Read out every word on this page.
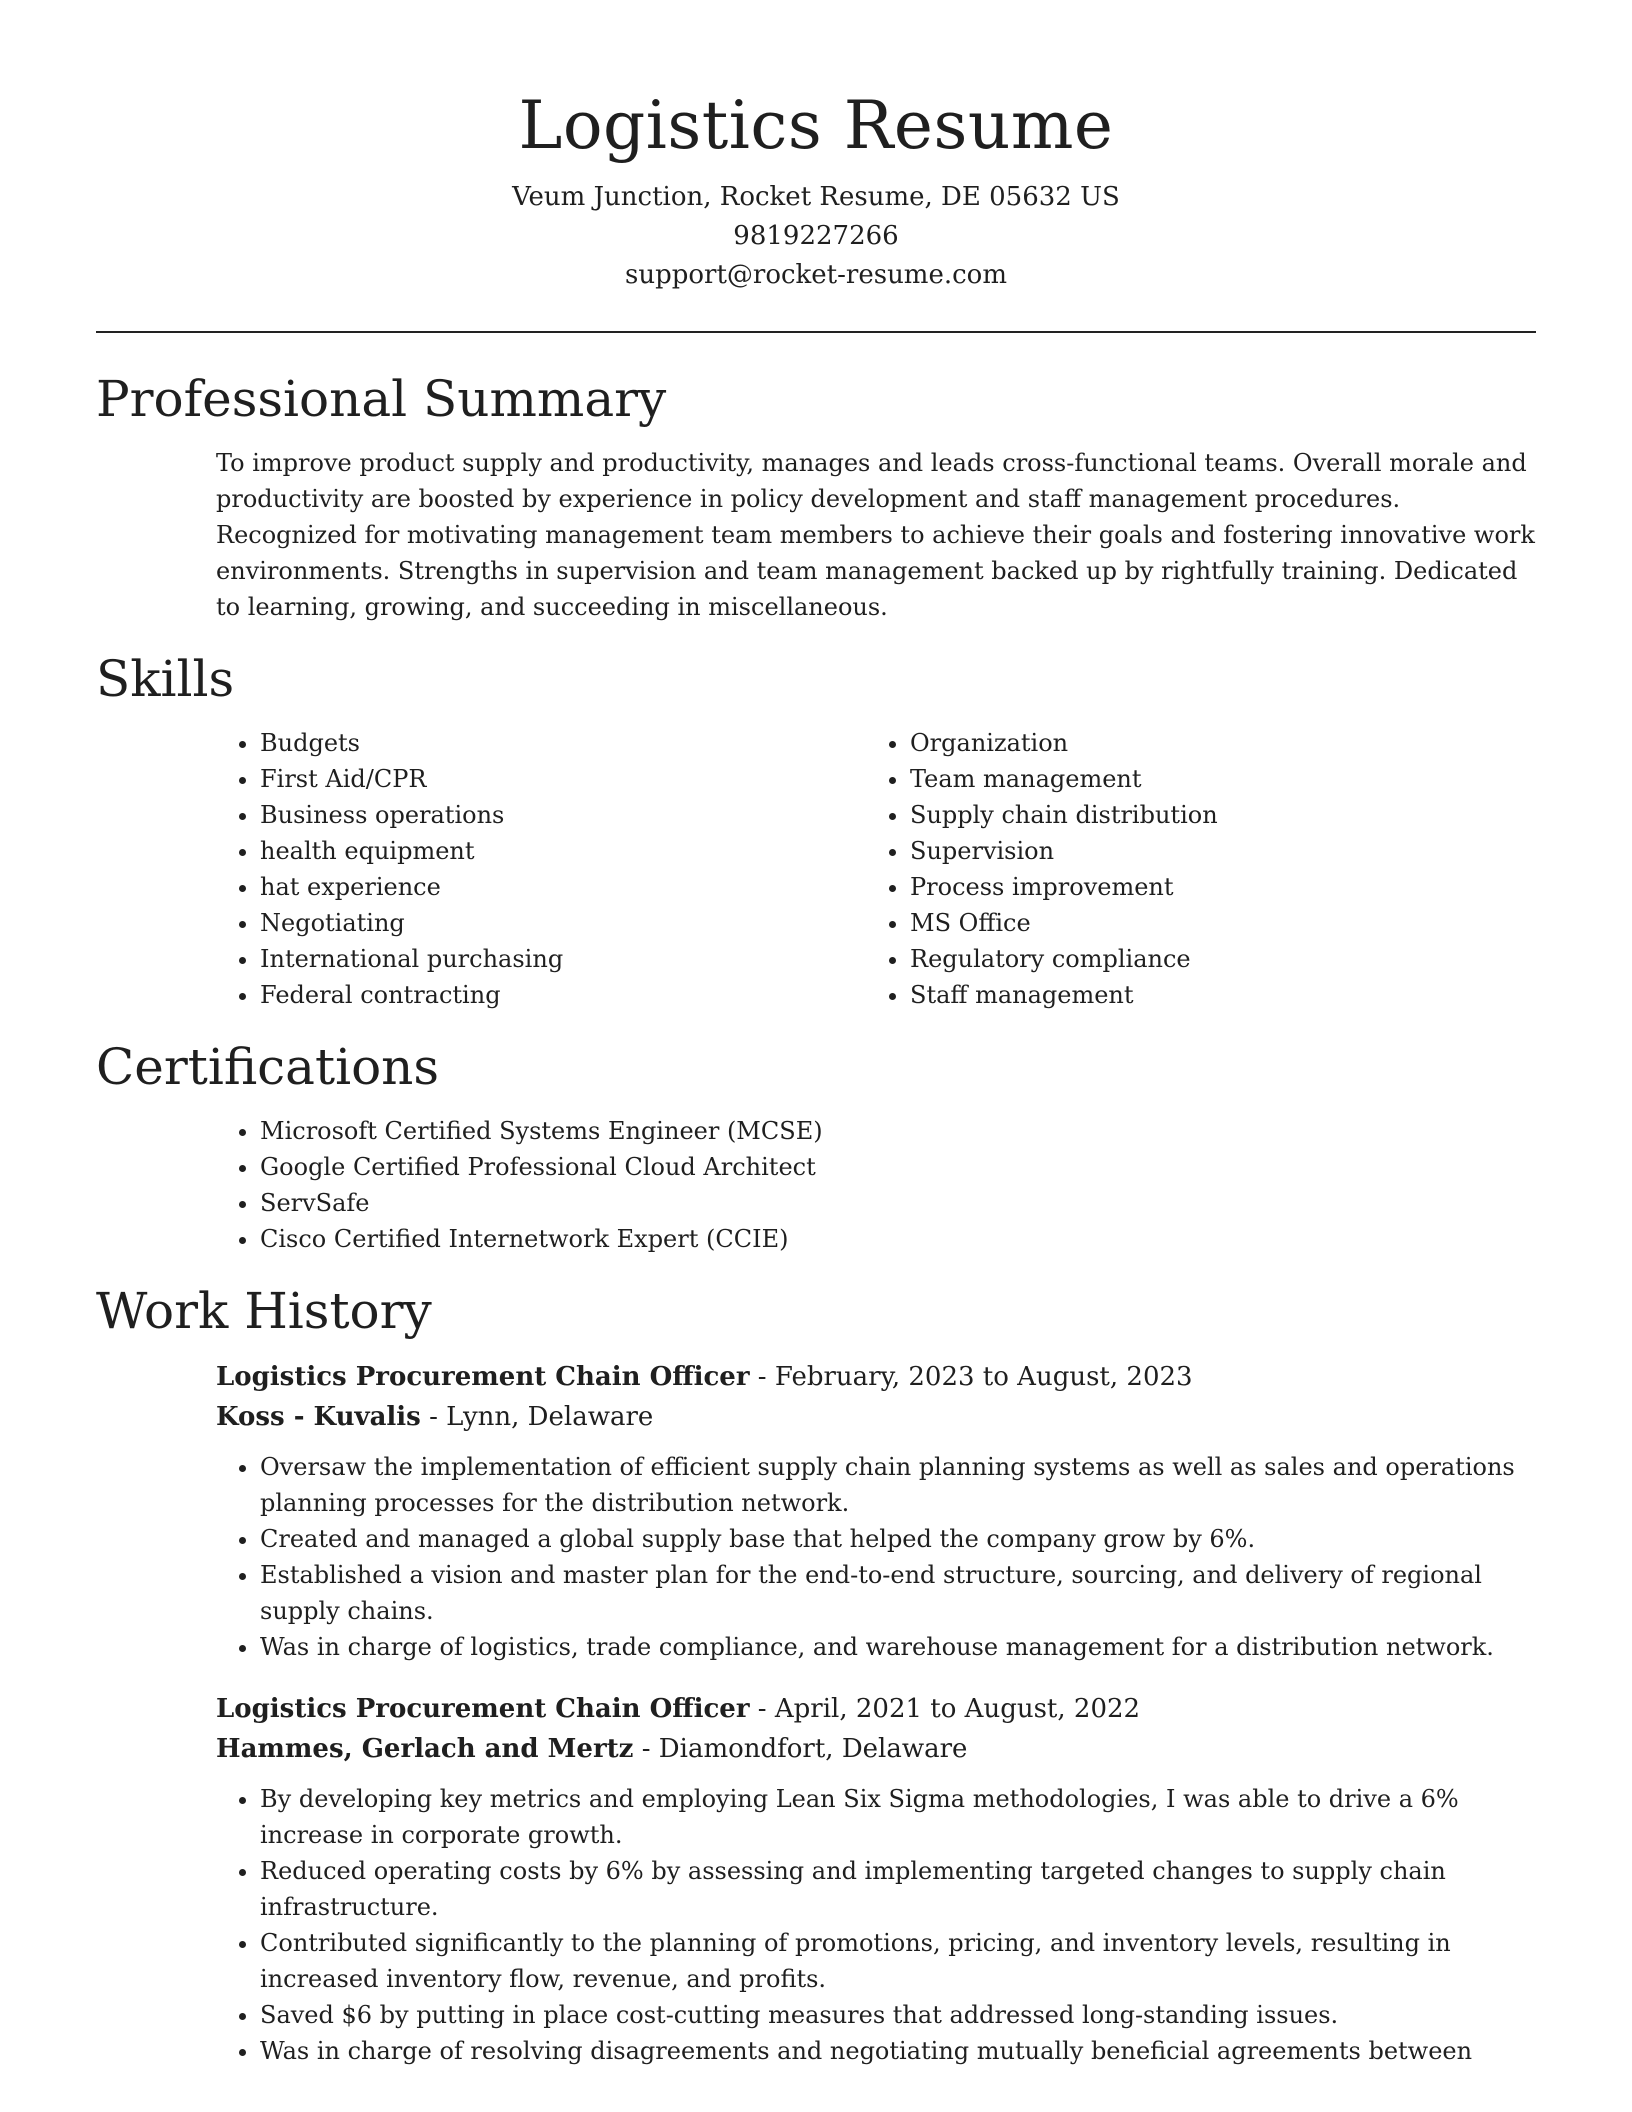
Logistics Resume

Veum Junction, Rocket Resume, DE 05632 US

9819227266

support@rocket-resume.com

Professional Summary

To improve product supply and productivity, manages and leads cross-functional teams. Overall morale and productivity are boosted by experience in policy development and staff management procedures. Recognized for motivating management team members to achieve their goals and fostering innovative work environments. Strengths in supervision and team management backed up by rightfully training. Dedicated to learning, growing, and succeeding in miscellaneous.

Skills
• Budgets
• First Aid/CPR
• Business operations
• health equipment
• hat experience
• Negotiating
• International purchasing
• Federal contracting
• Organization
• Team management
• Supply chain distribution
• Supervision
• Process improvement
• MS Office
• Regulatory compliance
• Staff management
Certifications
• Microsoft Certified Systems Engineer (MCSE)
• Google Certified Professional Cloud Architect
• ServSafe
• Cisco Certified Internetwork Expert (CCIE)
Work History
Logistics Procurement Chain Officer - February, 2023 to August, 2023
Koss - Kuvalis - Lynn, Delaware
• Oversaw the implementation of efficient supply chain planning systems as well as sales and operations planning processes for the distribution network.
• Created and managed a global supply base that helped the company grow by 6%.
• Established a vision and master plan for the end-to-end structure, sourcing, and delivery of regional supply chains.
• Was in charge of logistics, trade compliance, and warehouse management for a distribution network.
Logistics Procurement Chain Officer - April, 2021 to August, 2022
Hammes, Gerlach and Mertz - Diamondfort, Delaware
• By developing key metrics and employing Lean Six Sigma methodologies, I was able to drive a 6% increase in corporate growth.
• Reduced operating costs by 6% by assessing and implementing targeted changes to supply chain infrastructure.
• Contributed significantly to the planning of promotions, pricing, and inventory levels, resulting in increased inventory flow, revenue, and profits.
• Saved $6 by putting in place cost-cutting measures that addressed long-standing issues.
• Was in charge of resolving disagreements and negotiating mutually beneficial agreements between
